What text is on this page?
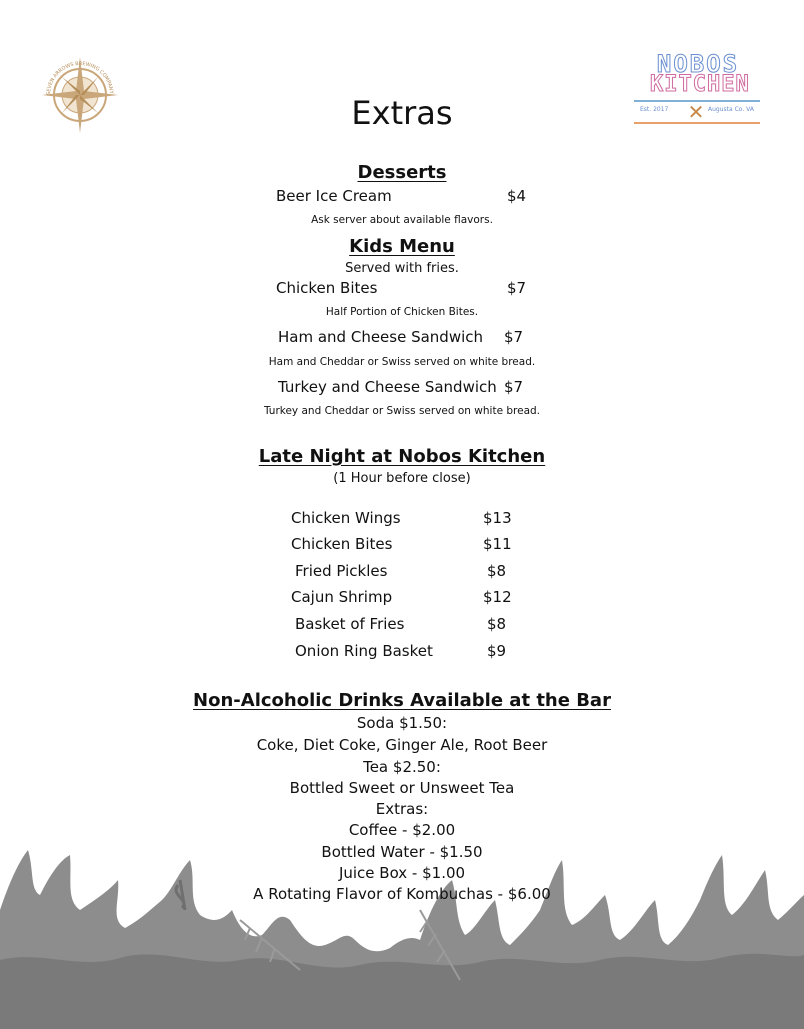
SEVEN ARROWS BREWING COMPANY
NOBOS
KITCHEN
✕
Est. 2017	Augusta Co. VA
Extras
Desserts
Beer Ice Cream	$4
Ask server about available flavors.
Kids Menu
Served with fries.
Chicken Bites	$7
Half Portion of Chicken Bites.
Ham and Cheese Sandwich $7
Ham and Cheddar or Swiss served on white bread.
Turkey and Cheese Sandwich $7
Turkey and Cheddar or Swiss served on white bread.
Late Night at Nobos Kitchen
(1 Hour before close)
Chicken Wings	$13
Chicken Bites	$11
Fried Pickles	$8
Cajun Shrimp	$12
Basket of Fries	$8
Onion Ring Basket	$9
Non-Alcoholic Drinks Available at the Bar
Soda $1.50:
Coke, Diet Coke, Ginger Ale, Root Beer
Tea $2.50:
Bottled Sweet or Unsweet Tea
Extras:
Coffee - $2.00
Bottled Water - $1.50
Juice Box - $1.00
A Rotating Flavor of Kombuchas - $6.00
